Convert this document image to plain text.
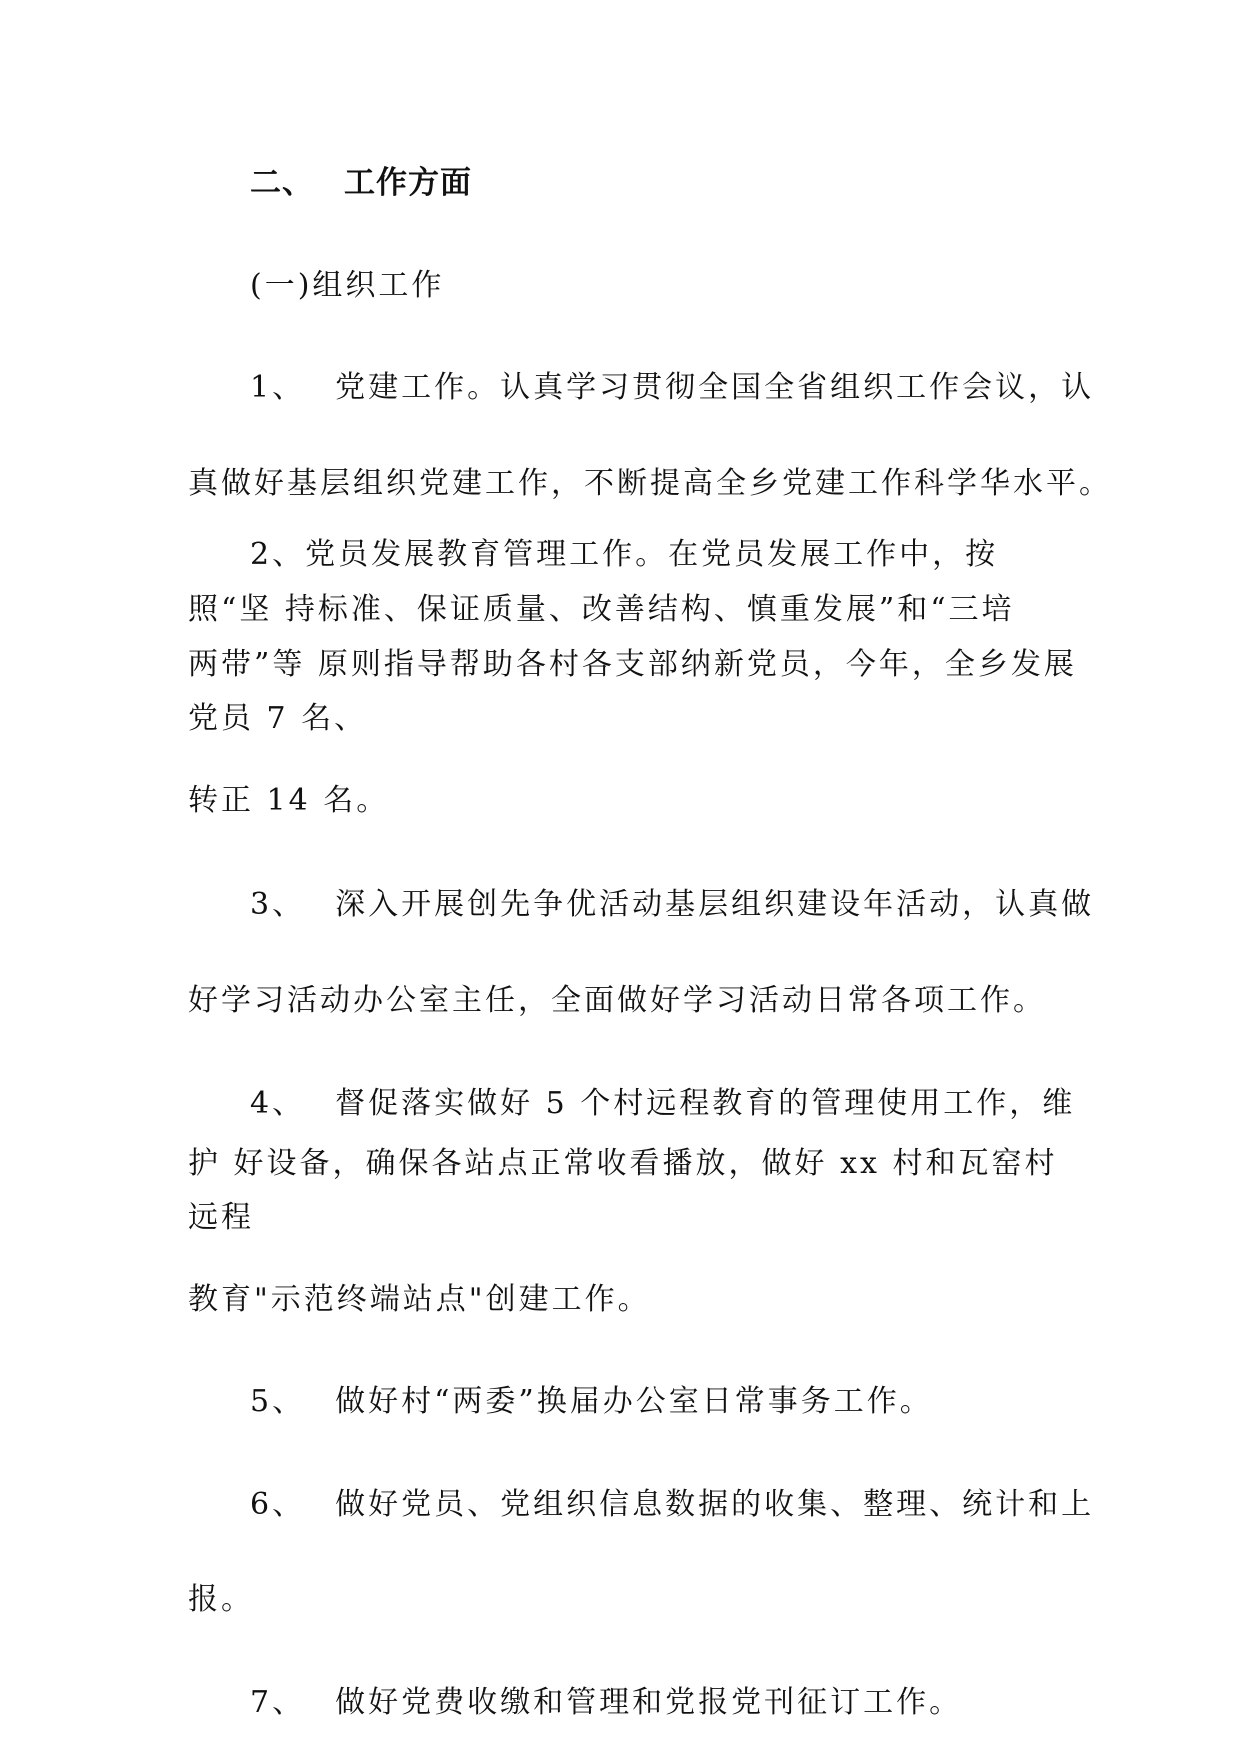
二、 工作方面
(一)组织工作
1、 党建工作。认真学习贯彻全国全省组织工作会议，认
真做好基层组织党建工作，不断提高全乡党建工作科学华水平。
2、党员发展教育管理工作。在党员发展工作中，按
照“坚 持标准、保证质量、改善结构、慎重发展”和“三培
两带”等 原则指导帮助各村各支部纳新党员，今年，全乡发展
党员 7 名、
转正 14 名。
3、 深入开展创先争优活动基层组织建设年活动，认真做
好学习活动办公室主任，全面做好学习活动日常各项工作。
4、 督促落实做好 5 个村远程教育的管理使用工作，维
护 好设备，确保各站点正常收看播放，做好 xx 村和瓦窑村
远程
教育"示范终端站点"创建工作。
5、 做好村“两委”换届办公室日常事务工作。
6、 做好党员、党组织信息数据的收集、整理、统计和上
报。
7、 做好党费收缴和管理和党报党刊征订工作。
